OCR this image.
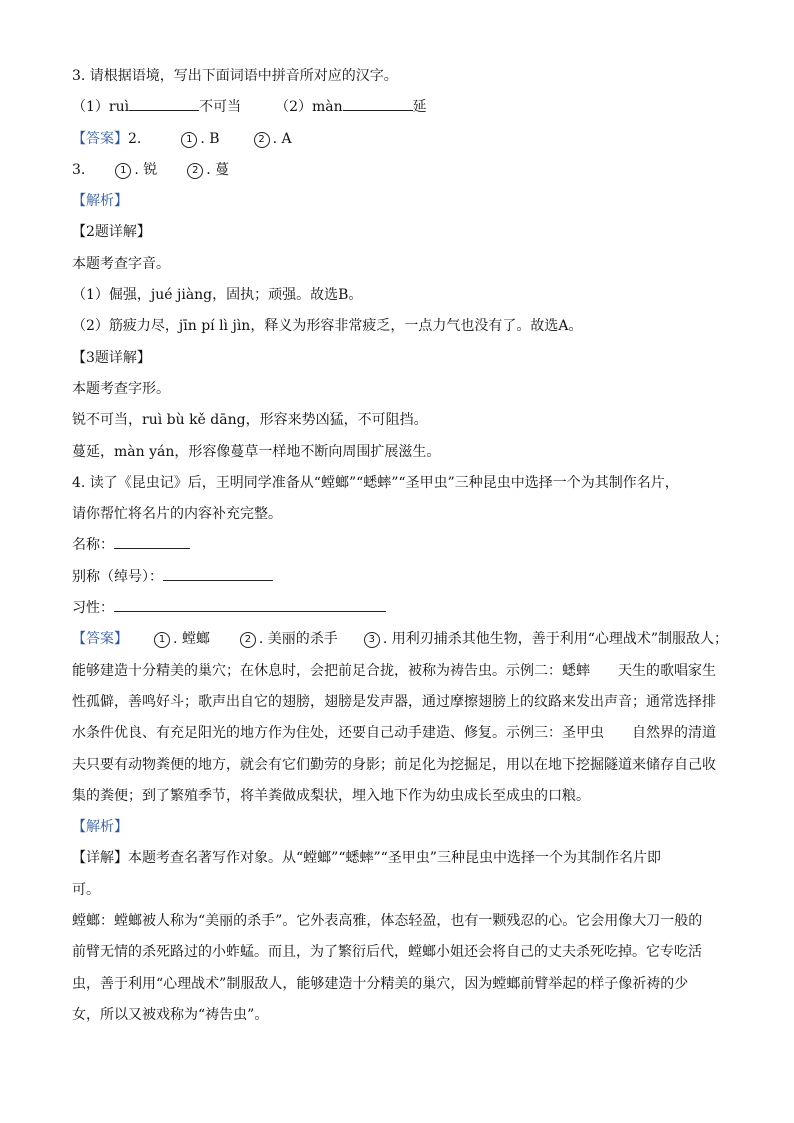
3. 请根据语境，写出下面词语中拼音所对应的汉字。
（1）ruì	不可当 （2）màn	延
【答案】2.	1 . B	2 . A
3.	1 . 锐	2 . 蔓
【解析】
【2题详解】
本题考查字音。
（1）倔强，jué jiàng，固执；顽强。故选B。
（2）筋疲力尽，jīn pí lì jìn，释义为形容非常疲乏，一点力气也没有了。故选A。
【3题详解】
本题考查字形。
锐不可当，ruì bù kě dāng，形容来势凶猛，不可阻挡。
蔓延，màn yán，形容像蔓草一样地不断向周围扩展滋生。
4. 读了《昆虫记》后，王明同学准备从“螳螂”“蟋蟀”“圣甲虫”三种昆虫中选择一个为其制作名片，
请你帮忙将名片的内容补充完整。
名称：
别称（绰号）：
习性：
【答案】	1 . 螳螂	2 . 美丽的杀手	3 . 用利刃捕杀其他生物，善于利用“心理战术”制服敌人；
能够建造十分精美的巢穴；在休息时，会把前足合拢，被称为祷告虫。示例二：蟋蟀　　天生的歌唱家生
性孤僻，善鸣好斗；歌声出自它的翅膀，翅膀是发声器，通过摩擦翅膀上的纹路来发出声音；通常选择排
水条件优良、有充足阳光的地方作为住处，还要自己动手建造、修复。示例三：圣甲虫　　自然界的清道
夫只要有动物粪便的地方，就会有它们勤劳的身影；前足化为挖掘足，用以在地下挖掘隧道来储存自己收
集的粪便；到了繁殖季节，将羊粪做成梨状，埋入地下作为幼虫成长至成虫的口粮。
【解析】
【详解】本题考查名著写作对象。从“螳螂”“蟋蟀”“圣甲虫”三种昆虫中选择一个为其制作名片即
可。
螳螂：螳螂被人称为“美丽的杀手”。它外表高雅，体态轻盈，也有一颗残忍的心。它会用像大刀一般的
前臂无情的杀死路过的小蚱蜢。而且，为了繁衍后代，螳螂小姐还会将自己的丈夫杀死吃掉。它专吃活
虫，善于利用“心理战术”制服敌人，能够建造十分精美的巢穴，因为螳螂前臂举起的样子像祈祷的少
女，所以又被戏称为“祷告虫”。
